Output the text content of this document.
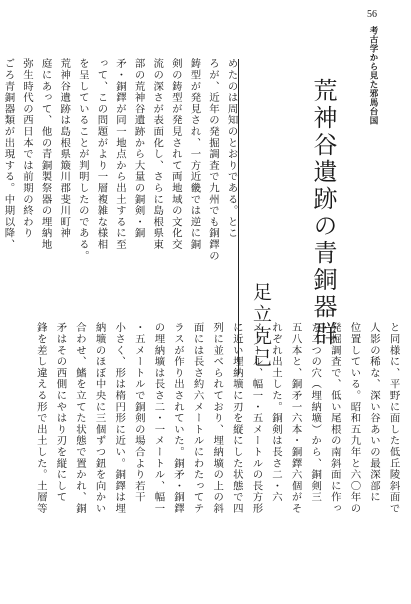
56
考古学から見た邪馬台国
荒神谷遺跡の青銅器群
足立克己
めたのは周知のとおりである。とこ
ろが、近年の発掘調査で九州でも銅鐸の
鋳型が発見され、一方近畿では逆に銅
剣の鋳型が発見されて両地域の文化交
流の深さが表面化し、さらに島根県東
部の荒神谷遺跡から大量の銅剣・銅
矛・銅鐸が同一地点から出土するに至
って、この問題がより一層複雑な様相
を呈していることが判明したのである。
荒神谷遺跡は島根県簸川郡斐川町神
庭にあって、他の青銅製祭器の埋納地
弥生時代の西日本では前期の終わり
ごろ青銅器類が出現する。中期以降、
と同様に、平野に面した低丘陵斜面で
人影の稀な、深い谷あいの最深部に
位置している。昭和五九年と六〇年の
発掘調査で、低い尾根の南斜面に作っ
た二つの穴（埋納壙）から、銅剣三
五八本と、銅矛一六本・銅鐸六個がそ
れぞれ出土した。銅剣は長さ二・六
メートル、幅一・五メートルの長方形
に近い埋納壙に刃を縦にした状態で四
列に並べられており、埋納壙の上の斜
面には長さ約六メートルにわたってテ
ラスが作り出されていた。銅矛・銅鐸
の埋納壙は長さ二・一メートル、幅一
・五メートルで銅剣の場合より若干
小さく、形は楕円形に近い。銅鐸は埋
納壙のほぼ中央に三個ずつ鈕を向かい
合わせ、鰭を立てた状態で置かれ、銅
矛はその西側にやはり刃を縦にして
鋒を差し違える形で出土した。土層等
